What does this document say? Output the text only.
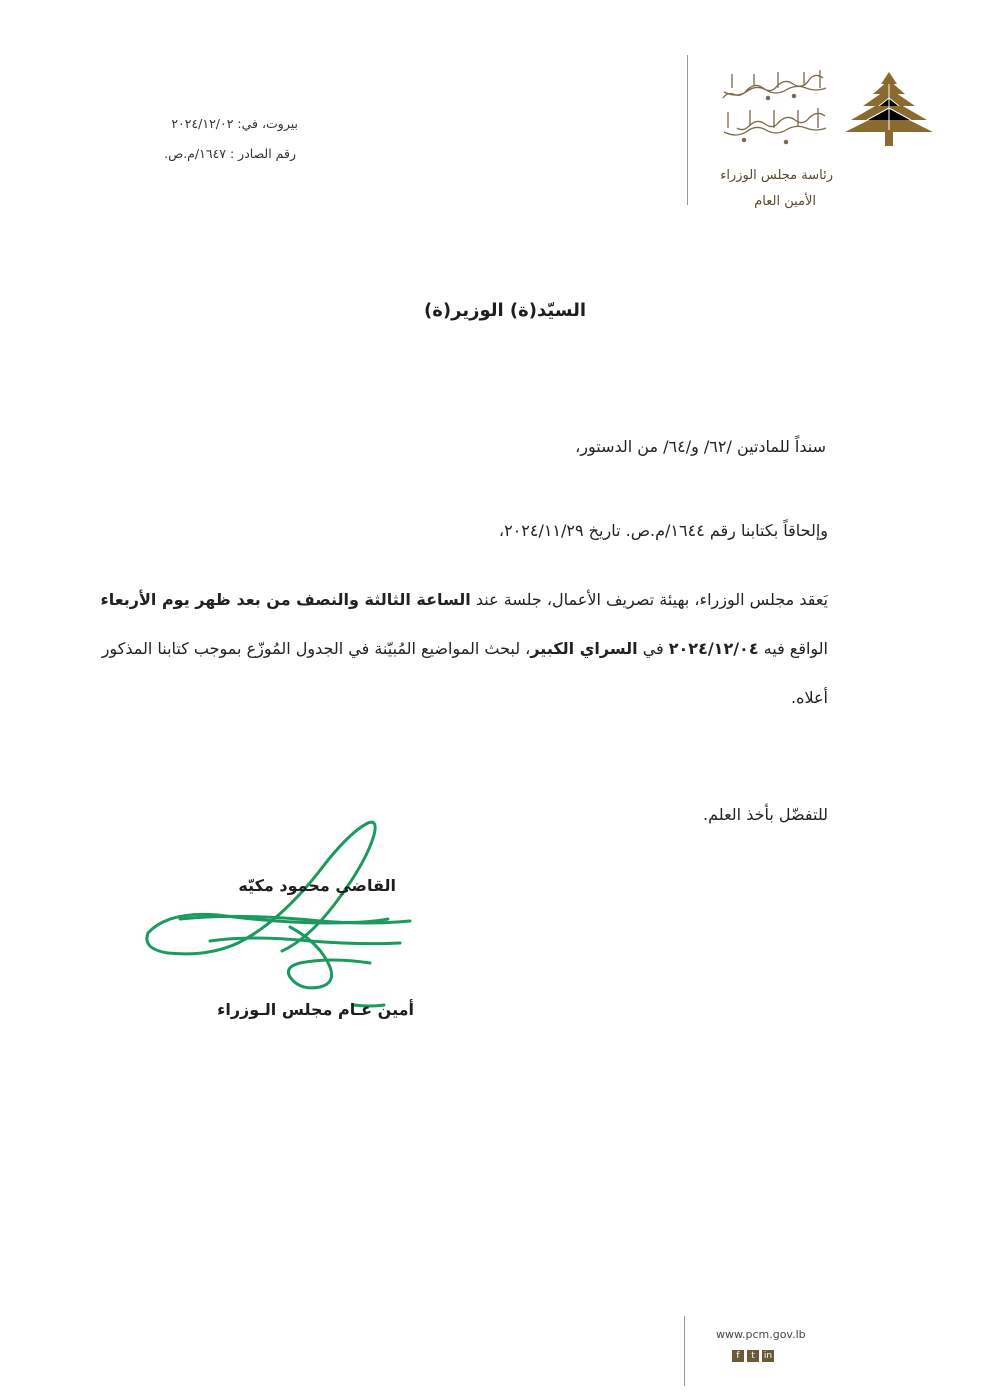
رئاسة مجلس الوزراء
الأمين العام
بيروت، في: ٢٠٢٤/١٢/٠٢
رقم الصادر : ١٦٤٧/م.ص.
السيّد(ة) الوزير(ة)
سنداً للمادتين /٦٢/ و/٦٤/ من الدستور،
وإلحاقاً بكتابنا رقم ١٦٤٤/م.ص. تاريخ ٢٠٢٤/١١/٢٩،
يَعقد مجلس الوزراء، بهيئة تصريف الأعمال، جلسة عند الساعة الثالثة والنصف من بعد ظهر يوم الأربعاء الواقع فيه ٢٠٢٤/١٢/٠٤ في السراي الكبير، لبحث المواضيع المُبيّنة في الجدول المُوزّع بموجب كتابنا المذكور أعلاه.
للتفضّل بأخذ العلم.
القاضي محمود مكيّه
أمين عـام مجلس الـوزراء
www.pcm.gov.lb
f	t	in
